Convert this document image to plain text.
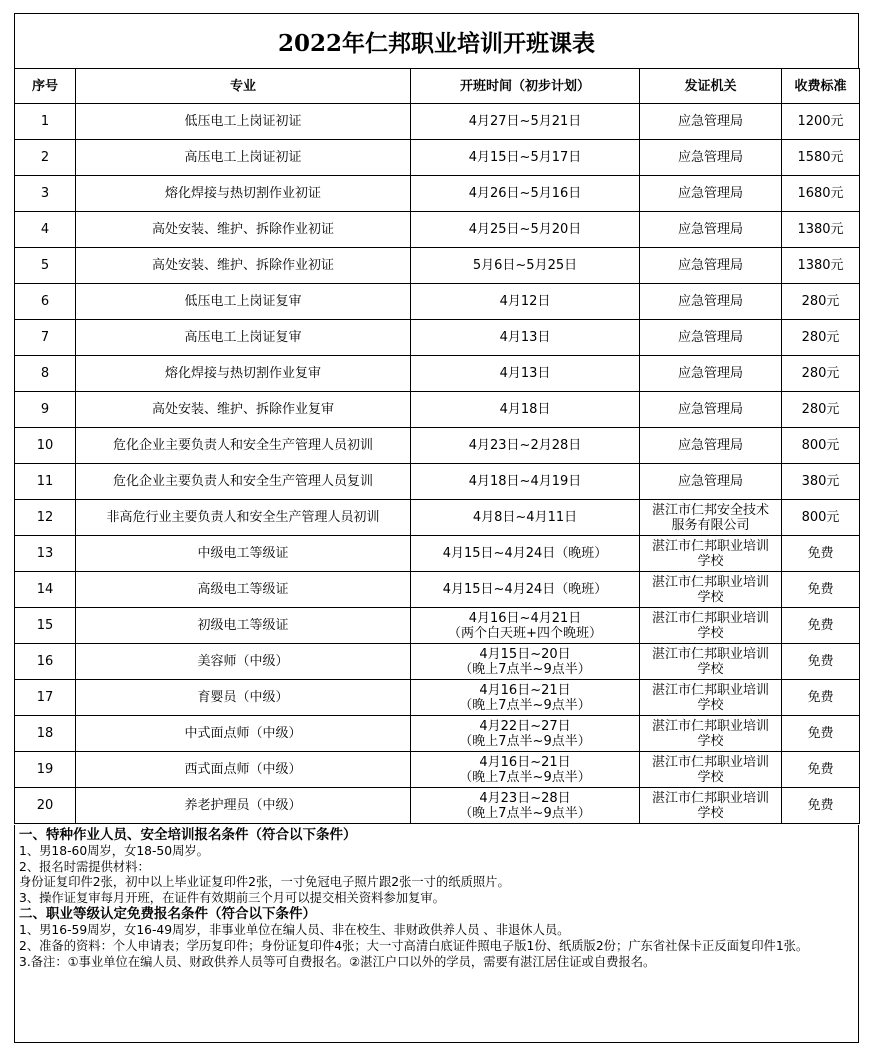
2022年仁邦职业培训开班课表
序号	专业	开班时间（初步计划）	发证机关	收费标准
1	低压电工上岗证初证	4月27日~5月21日	应急管理局	1200元
2	高压电工上岗证初证	4月15日~5月17日	应急管理局	1580元
3	熔化焊接与热切割作业初证	4月26日~5月16日	应急管理局	1680元
4	高处安装、维护、拆除作业初证	4月25日~5月20日	应急管理局	1380元
5	高处安装、维护、拆除作业初证	5月6日~5月25日	应急管理局	1380元
6	低压电工上岗证复审	4月12日	应急管理局	280元
7	高压电工上岗证复审	4月13日	应急管理局	280元
8	熔化焊接与热切割作业复审	4月13日	应急管理局	280元
9	高处安装、维护、拆除作业复审	4月18日	应急管理局	280元
10	危化企业主要负责人和安全生产管理人员初训	4月23日~2月28日	应急管理局	800元
11	危化企业主要负责人和安全生产管理人员复训	4月18日~4月19日	应急管理局	380元
12	非高危行业主要负责人和安全生产管理人员初训	4月8日~4月11日	湛江市仁邦安全技术
服务有限公司	800元
13	中级电工等级证	4月15日~4月24日（晚班）	湛江市仁邦职业培训
学校	免费
14	高级电工等级证	4月15日~4月24日（晚班）	湛江市仁邦职业培训
学校	免费
15	初级电工等级证	4月16日~4月21日
（两个白天班+四个晚班）	湛江市仁邦职业培训
学校	免费
16	美容师（中级）	4月15日~20日
（晚上7点半~9点半）	湛江市仁邦职业培训
学校	免费
17	育婴员（中级）	4月16日~21日
（晚上7点半~9点半）	湛江市仁邦职业培训
学校	免费
18	中式面点师（中级）	4月22日~27日
（晚上7点半~9点半）	湛江市仁邦职业培训
学校	免费
19	西式面点师（中级）	4月16日~21日
（晚上7点半~9点半）	湛江市仁邦职业培训
学校	免费
20	养老护理员（中级）	4月23日~28日
（晚上7点半~9点半）	湛江市仁邦职业培训
学校	免费
一、特种作业人员、安全培训报名条件（符合以下条件）
1、男18-60周岁，女18-50周岁。
2、报名时需提供材料：
身份证复印件2张，初中以上毕业证复印件2张，一寸免冠电子照片跟2张一寸的纸质照片。
3、操作证复审每月开班，在证件有效期前三个月可以提交相关资料参加复审。
二、职业等级认定免费报名条件（符合以下条件）
1、男16-59周岁，女16-49周岁，非事业单位在编人员、非在校生、非财政供养人员 、非退休人员。
2、准备的资料：个人申请表；学历复印件；身份证复印件4张；大一寸高清白底证件照电子版1份、纸质版2份；广东省社保卡正反面复印件1张。
3.备注：①事业单位在编人员、财政供养人员等可自费报名。②湛江户口以外的学员，需要有湛江居住证或自费报名。
